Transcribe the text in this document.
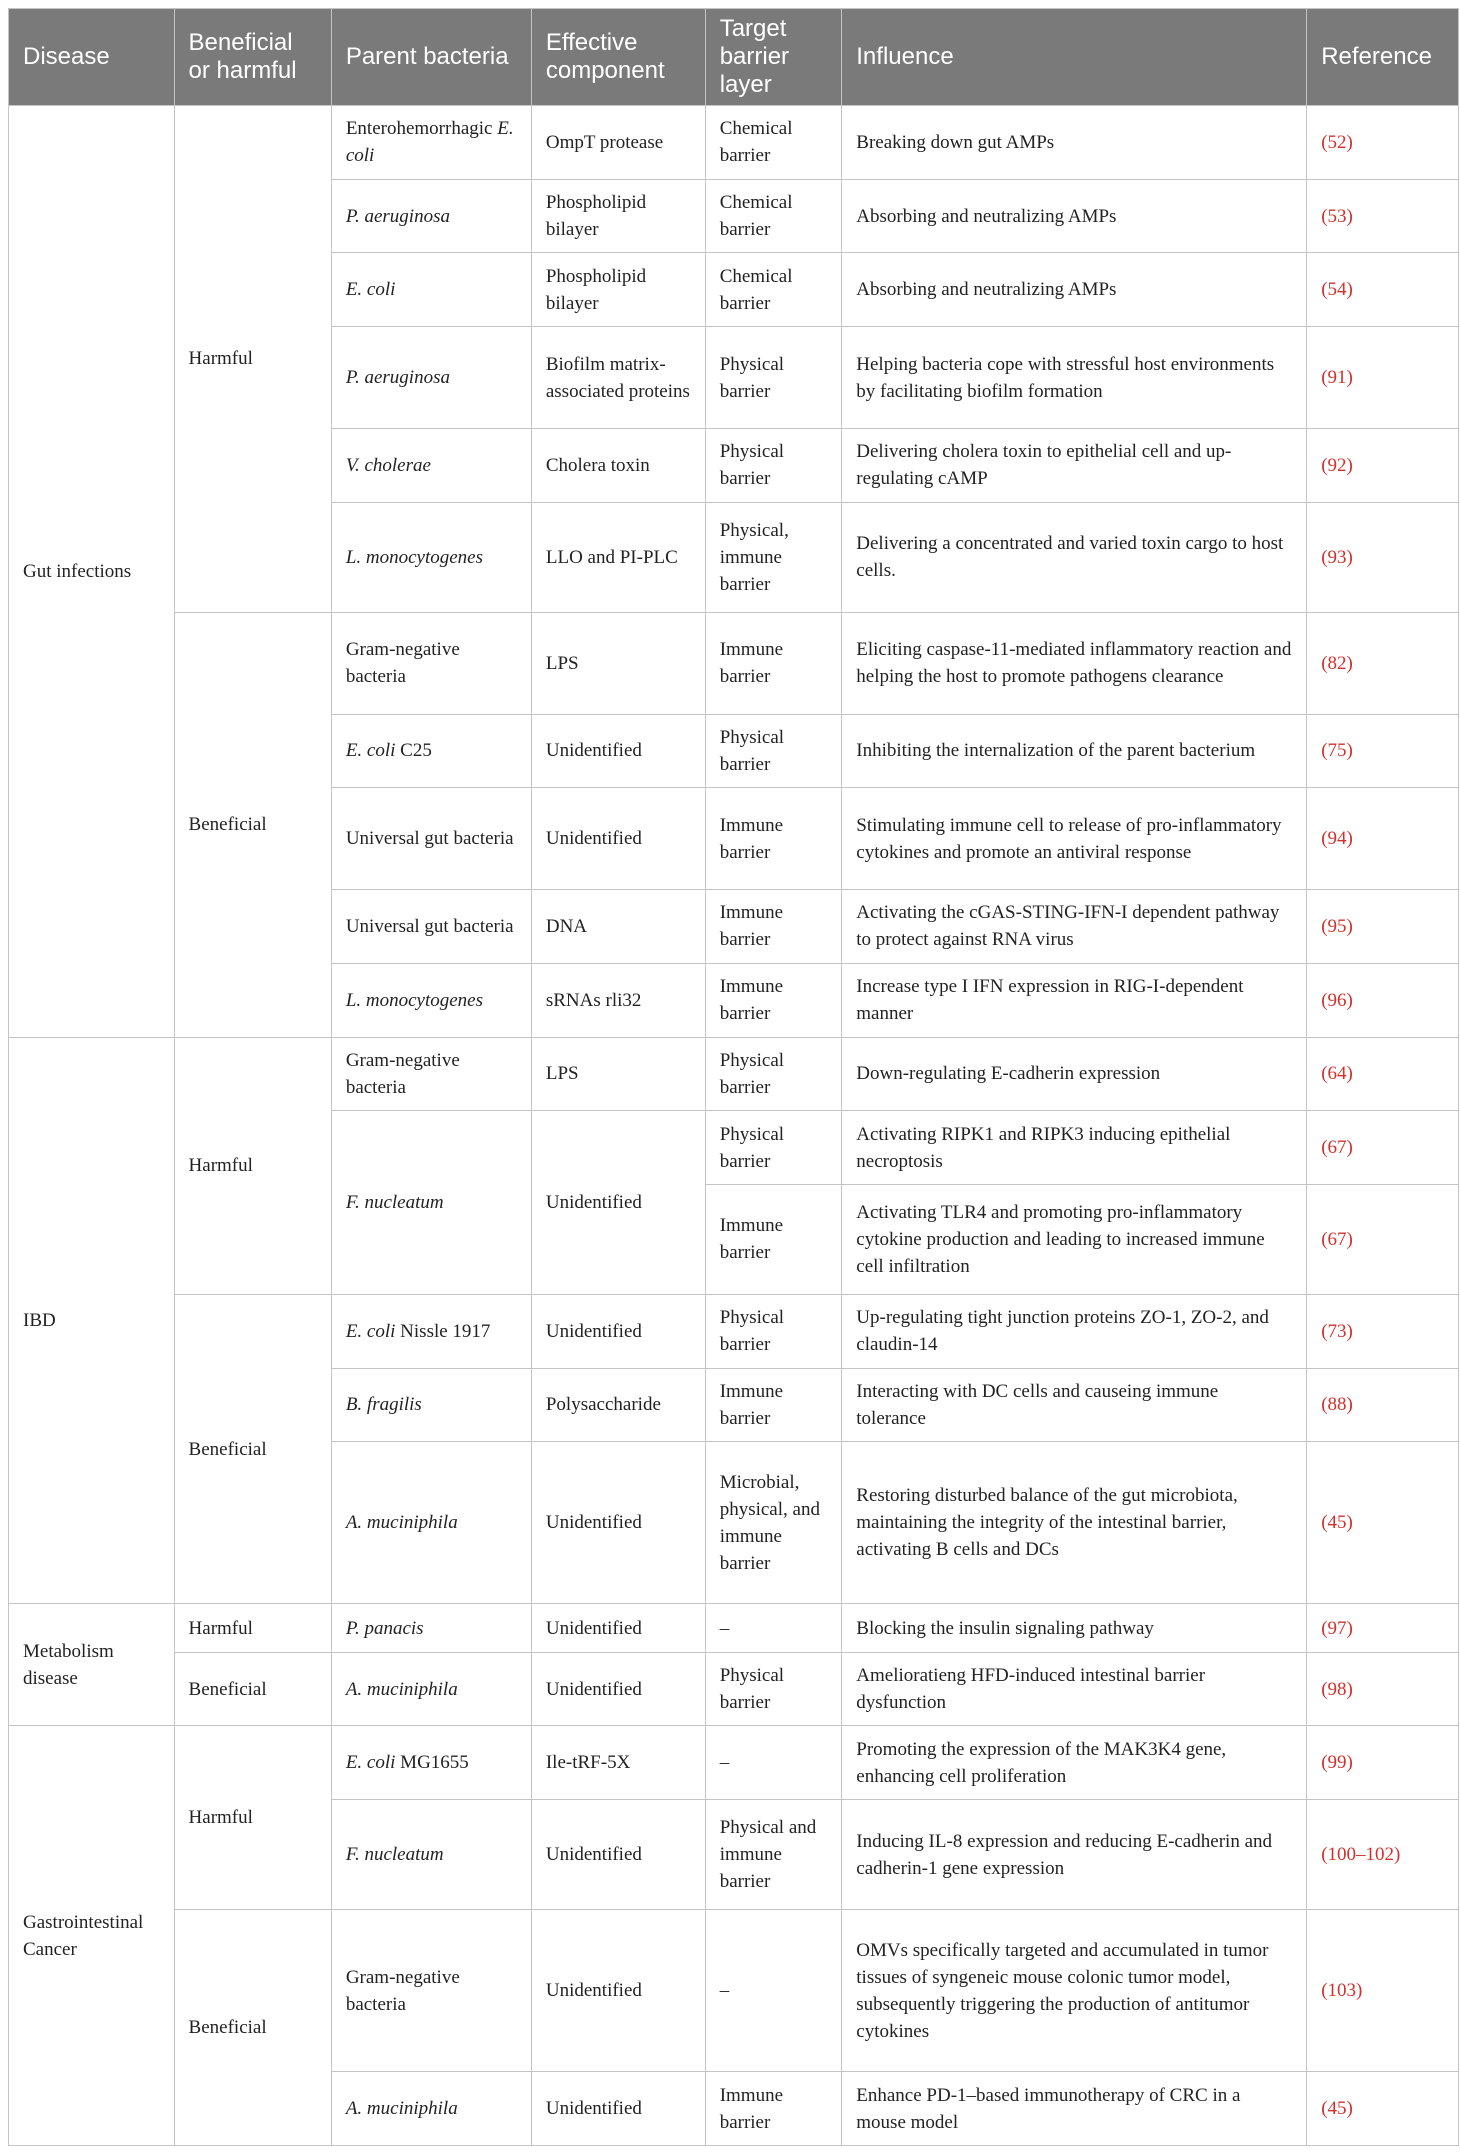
Disease	Beneficial or harmful	Parent bacteria	Effective component	Target barrier layer	Influence	Reference
Gut infections	Harmful	Enterohemorrhagic E. coli	OmpT protease	Chemical barrier	Breaking down gut AMPs	(52)
		P. aeruginosa	Phospholipid bilayer	Chemical barrier	Absorbing and neutralizing AMPs	(53)
		E. coli	Phospholipid bilayer	Chemical barrier	Absorbing and neutralizing AMPs	(54)
		P. aeruginosa	Biofilm matrix-associated proteins	Physical barrier	Helping bacteria cope with stressful host environments by facilitating biofilm formation	(91)
		V. cholerae	Cholera toxin	Physical barrier	Delivering cholera toxin to epithelial cell and up-regulating cAMP	(92)
		L. monocytogenes	LLO and PI-PLC	Physical, immune barrier	Delivering a concentrated and varied toxin cargo to host cells.	(93)
	Beneficial	Gram-negative bacteria	LPS	Immune barrier	Eliciting caspase-11-mediated inflammatory reaction and helping the host to promote pathogens clearance	(82)
		E. coli C25	Unidentified	Physical barrier	Inhibiting the internalization of the parent bacterium	(75)
		Universal gut bacteria	Unidentified	Immune barrier	Stimulating immune cell to release of pro-inflammatory cytokines and promote an antiviral response	(94)
		Universal gut bacteria	DNA	Immune barrier	Activating the cGAS-STING-IFN-I dependent pathway to protect against RNA virus	(95)
		L. monocytogenes	sRNAs rli32	Immune barrier	Increase type I IFN expression in RIG-I-dependent manner	(96)
IBD	Harmful	Gram-negative bacteria	LPS	Physical barrier	Down-regulating E-cadherin expression	(64)
		F. nucleatum	Unidentified	Physical barrier	Activating RIPK1 and RIPK3 inducing epithelial necroptosis	(67)
				Immune barrier	Activating TLR4 and promoting pro-inflammatory cytokine production and leading to increased immune cell infiltration	(67)
	Beneficial	E. coli Nissle 1917	Unidentified	Physical barrier	Up-regulating tight junction proteins ZO-1, ZO-2, and claudin-14	(73)
		B. fragilis	Polysaccharide	Immune barrier	Interacting with DC cells and causeing immune tolerance	(88)
		A. muciniphila	Unidentified	Microbial, physical, and immune barrier	Restoring disturbed balance of the gut microbiota, maintaining the integrity of the intestinal barrier, activating B cells and DCs	(45)
Metabolism disease	Harmful	P. panacis	Unidentified	–	Blocking the insulin signaling pathway	(97)
	Beneficial	A. muciniphila	Unidentified	Physical barrier	Amelioratieng HFD-induced intestinal barrier dysfunction	(98)
Gastrointestinal Cancer	Harmful	E. coli MG1655	Ile-tRF-5X	–	Promoting the expression of the MAK3K4 gene, enhancing cell proliferation	(99)
		F. nucleatum	Unidentified	Physical and immune barrier	Inducing IL-8 expression and reducing E-cadherin and cadherin-1 gene expression	(100–102)
	Beneficial	Gram-negative bacteria	Unidentified	–	OMVs specifically targeted and accumulated in tumor tissues of syngeneic mouse colonic tumor model, subsequently triggering the production of antitumor cytokines	(103)
		A. muciniphila	Unidentified	Immune barrier	Enhance PD-1–based immunotherapy of CRC in a mouse model	(45)
